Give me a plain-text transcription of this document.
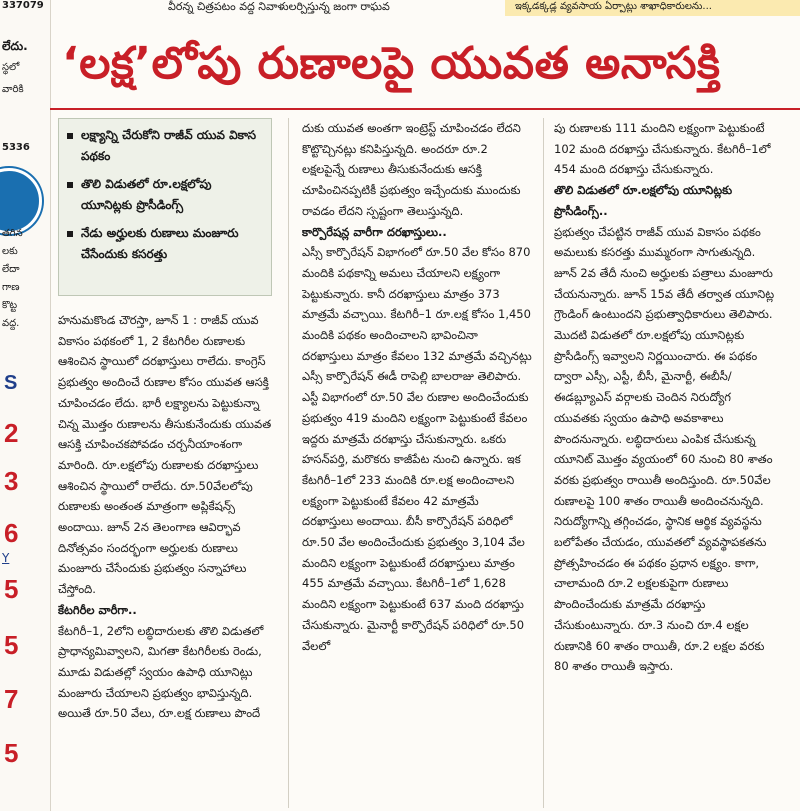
337079
లేదు.
స్థలో
వారికి
5336
తగిన
లకు
లేదా
గాణ
కొట్ట
వద్ద.
S
2
3
6
Y
5
5
7
5
వీరన్న చిత్రపటం వద్ద నివాళులర్పిస్తున్న జంగా రాఘవ	ఇక్కడక్కడ్ల వ్యవసాయ ఏర్పాట్లు శాఖాధికారులను...
‘లక్ష’లోపు రుణాలపై యువత అనాసక్తి
లక్ష్యాన్ని చేరుకోని రాజీవ్ యువ వికాస పథకం
తొలి విడుతలో రూ.లక్షలోపు యూనిట్లకు ప్రొసీడింగ్స్
నేడు అర్హులకు రుణాలు మంజూరు చేసేందుకు కసరత్తు

హనుమకొండ చౌరస్తా, జూన్ 1 : రాజీవ్ యువ వికాసం పథకంలో 1, 2 కేటగిరీల రుణాలకు ఆశించిన స్థాయిలో దరఖాస్తులు రాలేదు. కాంగ్రెస్ ప్రభుత్వం అందించే రుణాల కోసం యువత ఆసక్తి చూపించడం లేదు. భారీ లక్ష్యాలను పెట్టుకున్నా చిన్న మొత్తం రుణాలను తీసుకునేందుకు యువత ఆసక్తి చూపించకపోవడం చర్చనీయాంశంగా మారింది. రూ.లక్షలోపు రుణాలకు దరఖాస్తులు ఆశించిన స్థాయిలో రాలేదు. రూ.50వేలలోపు రుణాలకు అంతంత మాత్రంగా అప్లికేషన్స్ అందాయి. జూన్ 2న తెలంగాణ ఆవిర్భావ దినోత్సవం సందర్భంగా అర్హులకు రుణాలు మంజూరు చేసేందుకు ప్రభుత్వం సన్నాహాలు చేస్తోంది.

కేటగిరీల వారీగా..

కేటగిరీ–1, 2లోని లబ్ధిదారులకు తొలి విడుతలో ప్రాధాన్యమివ్వాలని, మిగతా కేటగిరీలకు రెండు, మూడు విడుతల్లో స్వయం ఉపాధి యూనిట్లు మంజూరు చేయాలని ప్రభుత్వం భావిస్తున్నది. అయితే రూ.50 వేలు, రూ.లక్ష రుణాలు పొందే

దుకు యువత అంతగా ఇంట్రెస్ట్ చూపించడం లేదని కొట్టొచ్చినట్లు కనిపిస్తున్నది. అందరూ రూ.2 లక్షలపైన్నే రుణాలు తీసుకునేందుకు ఆసక్తి చూపించినప్పటికీ ప్రభుత్వం ఇచ్చేందుకు ముందుకు రావడం లేదని స్పష్టంగా తెలుస్తున్నది.

కార్పొరేషన్ల వారీగా దరఖాస్తులు..

ఎస్సీ కార్పొరేషన్ విభాగంలో రూ.50 వేల కోసం 870 మందికి పథకాన్ని అమలు చేయాలని లక్ష్యంగా పెట్టుకున్నారు. కానీ దరఖాస్తులు మాత్రం 373 మాత్రమే వచ్చాయి. కేటగిరీ–1 రూ.లక్ష కోసం 1,450 మందికి పథకం అందించాలని భావించినా దరఖాస్తులు మాత్రం కేవలం 132 మాత్రమే వచ్చినట్లు ఎస్సీ కార్పొరేషన్ ఈడీ రాపెల్లి బాలరాజు తెలిపారు. ఎస్టీ విభాగంలో రూ.50 వేల రుణాల అందించేందుకు ప్రభుత్వం 419 మందిని లక్ష్యంగా పెట్టుకుంటే కేవలం ఇద్దరు మాత్రమే దరఖాస్తు చేసుకున్నారు. ఒకరు హసన్‌పర్తి, మరొకరు కాజీపేట నుంచి ఉన్నారు. ఇక కేటగిరీ–1లో 233 మందికి రూ.లక్ష అందించాలని లక్ష్యంగా పెట్టుకుంటే కేవలం 42 మాత్రమే దరఖాస్తులు అందాయి. బీసీ కార్పొరేషన్ పరిధిలో రూ.50 వేల అందించేందుకు ప్రభుత్వం 3,104 వేల మందిని లక్ష్యంగా పెట్టుకుంటే దరఖాస్తులు మాత్రం 455 మాత్రమే వచ్చాయి. కేటగిరీ–1లో 1,628 మందిని లక్ష్యంగా పెట్టుకుంటే 637 మంది దరఖాస్తు చేసుకున్నారు. మైనార్టీ కార్పొరేషన్ పరిధిలో రూ.50 వేలలో

పు రుణాలకు 111 మందిని లక్ష్యంగా పెట్టుకుంటే 102 మంది దరఖాస్తు చేసుకున్నారు. కేటగిరీ–1లో 454 మంది దరఖాస్తు చేసుకున్నారు.

తొలి విడుతలో రూ.లక్షలోపు యూనిట్లకు ప్రొసీడింగ్స్..

ప్రభుత్వం చేపట్టిన రాజీవ్ యువ వికాసం పథకం అమలుకు కసరత్తు ముమ్మరంగా సాగుతున్నది. జూన్ 2వ తేదీ నుంచి అర్హులకు పత్రాలు మంజూరు చేయనున్నారు. జూన్ 15వ తేదీ తర్వాత యూనిట్ల గ్రౌండింగ్ ఉంటుందని ప్రభుత్వాధికారులు తెలిపారు. మొదటి విడుతలో రూ.లక్షలోపు యూనిట్లకు ప్రొసీడింగ్స్ ఇవ్వాలని నిర్ణయించారు. ఈ పథకం ద్వారా ఎస్సీ, ఎస్టీ, బీసీ, మైనార్టీ, ఈబీసీ/ఈడబ్ల్యూఎస్ వర్గాలకు చెందిన నిరుద్యోగ యువతకు స్వయం ఉపాధి అవకాశాలు పొందనున్నారు. లబ్ధిదారులు ఎంపిక చేసుకున్న యూనిట్ మొత్తం వ్యయంలో 60 నుంచి 80 శాతం వరకు ప్రభుత్వం రాయితీ అందిస్తుంది. రూ.50వేల రుణాలపై 100 శాతం రాయితీ అందించనున్నది. నిరుద్యోగాన్ని తగ్గించడం, స్థానిక ఆర్థిక వ్యవస్థను బలోపేతం చేయడం, యువతలో వ్యవస్థాపకతను ప్రోత్సహించడం ఈ పథకం ప్రధాన లక్ష్యం. కాగా, చాలామంది రూ.2 లక్షలకుపైగా రుణాలు పొందించేందుకు మాత్రమే దరఖాస్తు చేసుకుంటున్నారు. రూ.3 నుంచి రూ.4 లక్షల రుణానికి 60 శాతం రాయితీ, రూ.2 లక్షల వరకు 80 శాతం రాయితీ ఇస్తారు.
